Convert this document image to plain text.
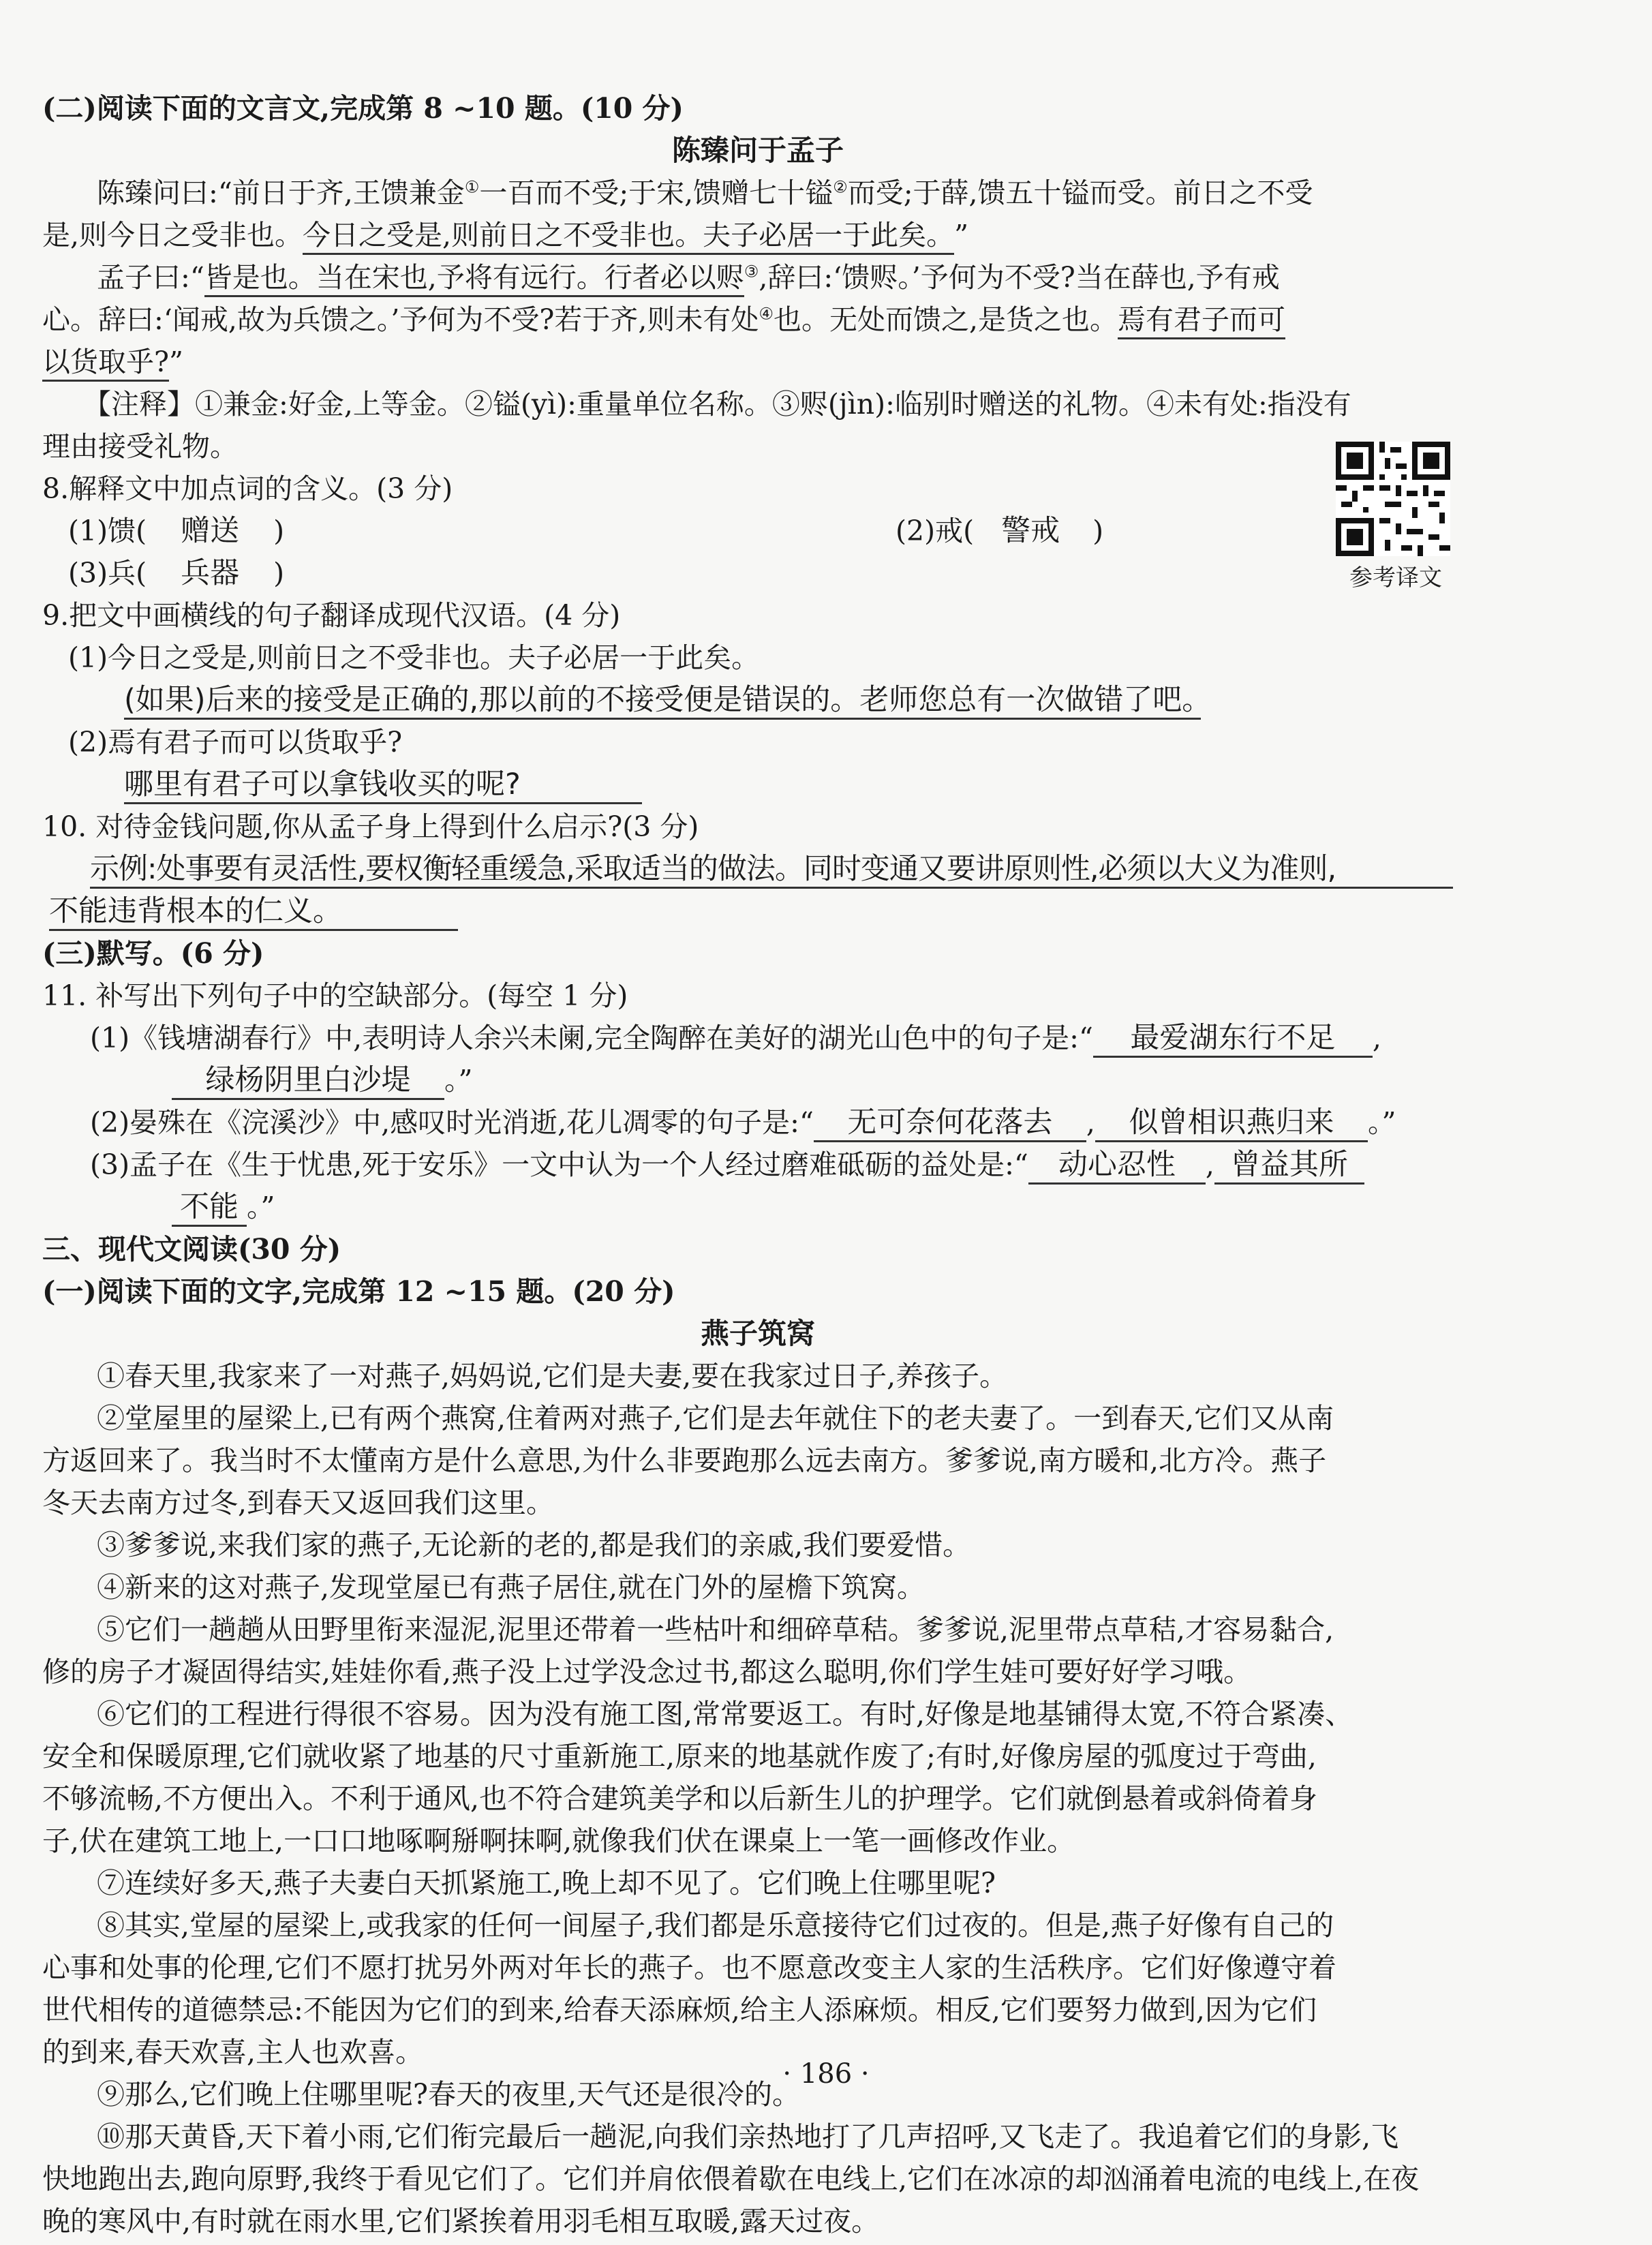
(二)阅读下面的文言文,完成第 8 ~10 题。(10 分)
陈臻问于孟子
陈臻问曰:“前日于齐,王馈兼金①一百而不受;于宋,馈赠七十镒②而受;于薛,馈五十镒而受。前日之不受
是,则今日之受非也。今日之受是,则前日之不受非也。夫子必居一于此矣。”
孟子曰:“皆是也。当在宋也,予将有远行。行者必以赆③,辞曰:‘馈赆。’予何为不受?当在薛也,予有戒
心。辞曰:‘闻戒,故为兵馈之。’予何为不受?若于齐,则未有处④也。无处而馈之,是货之也。焉有君子而可
以货取乎?”
【注释】①兼金:好金,上等金。②镒(yì):重量单位名称。③赆(jìn):临别时赠送的礼物。④未有处:指没有
理由接受礼物。
8.解释文中加点词的含义。(3 分)
(1)馈( 赠送 )	(2)戒( 警戒 )
(3)兵( 兵器 )
9.把文中画横线的句子翻译成现代汉语。(4 分)
(1)今日之受是,则前日之不受非也。夫子必居一于此矣。
(如果)后来的接受是正确的,那以前的不接受便是错误的。老师您总有一次做错了吧。
(2)焉有君子而可以货取乎?
哪里有君子可以拿钱收买的呢?
10. 对待金钱问题,你从孟子身上得到什么启示?(3 分)
示例:处事要有灵活性,要权衡轻重缓急,采取适当的做法。同时变通又要讲原则性,必须以大义为准则,
不能违背根本的仁义。
(三)默写。(6 分)
11. 补写出下列句子中的空缺部分。(每空 1 分)
(1)《钱塘湖春行》中,表明诗人余兴未阑,完全陶醉在美好的湖光山色中的句子是:“ 最爱湖东行不足 ,
绿杨阴里白沙堤 。”
(2)晏殊在《浣溪沙》中,感叹时光消逝,花儿凋零的句子是:“ 无可奈何花落去 , 似曾相识燕归来 。”
(3)孟子在《生于忧患,死于安乐》一文中认为一个人经过磨难砥砺的益处是:“ 动心忍性 , 曾益其所
不能 。”
三、现代文阅读(30 分)
(一)阅读下面的文字,完成第 12 ~15 题。(20 分)
燕子筑窝
①春天里,我家来了一对燕子,妈妈说,它们是夫妻,要在我家过日子,养孩子。
②堂屋里的屋梁上,已有两个燕窝,住着两对燕子,它们是去年就住下的老夫妻了。一到春天,它们又从南
方返回来了。我当时不太懂南方是什么意思,为什么非要跑那么远去南方。爹爹说,南方暖和,北方冷。燕子
冬天去南方过冬,到春天又返回我们这里。
③爹爹说,来我们家的燕子,无论新的老的,都是我们的亲戚,我们要爱惜。
④新来的这对燕子,发现堂屋已有燕子居住,就在门外的屋檐下筑窝。
⑤它们一趟趟从田野里衔来湿泥,泥里还带着一些枯叶和细碎草秸。爹爹说,泥里带点草秸,才容易黏合,
修的房子才凝固得结实,娃娃你看,燕子没上过学没念过书,都这么聪明,你们学生娃可要好好学习哦。
⑥它们的工程进行得很不容易。因为没有施工图,常常要返工。有时,好像是地基铺得太宽,不符合紧凑、
安全和保暖原理,它们就收紧了地基的尺寸重新施工,原来的地基就作废了;有时,好像房屋的弧度过于弯曲,
不够流畅,不方便出入。不利于通风,也不符合建筑美学和以后新生儿的护理学。它们就倒悬着或斜倚着身
子,伏在建筑工地上,一口口地啄啊掰啊抹啊,就像我们伏在课桌上一笔一画修改作业。
⑦连续好多天,燕子夫妻白天抓紧施工,晚上却不见了。它们晚上住哪里呢?
⑧其实,堂屋的屋梁上,或我家的任何一间屋子,我们都是乐意接待它们过夜的。但是,燕子好像有自己的
心事和处事的伦理,它们不愿打扰另外两对年长的燕子。也不愿意改变主人家的生活秩序。它们好像遵守着
世代相传的道德禁忌:不能因为它们的到来,给春天添麻烦,给主人添麻烦。相反,它们要努力做到,因为它们
的到来,春天欢喜,主人也欢喜。
⑨那么,它们晚上住哪里呢?春天的夜里,天气还是很冷的。
⑩那天黄昏,天下着小雨,它们衔完最后一趟泥,向我们亲热地打了几声招呼,又飞走了。我追着它们的身影,飞
快地跑出去,跑向原野,我终于看见它们了。它们并肩依偎着歇在电线上,它们在冰凉的却汹涌着电流的电线上,在夜
晚的寒风中,有时就在雨水里,它们紧挨着用羽毛相互取暖,露天过夜。
参考译文
· 186 ·
